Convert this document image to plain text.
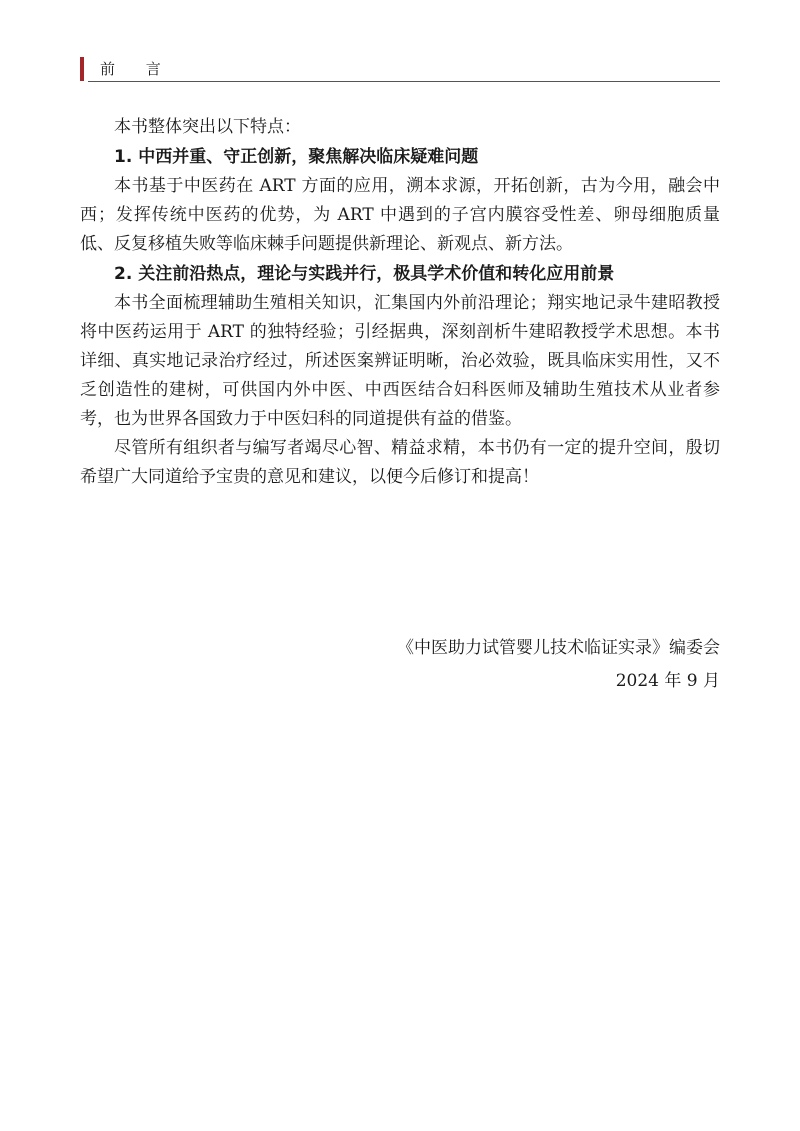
前 言

本书整体突出以下特点：

1. 中西并重、守正创新，聚焦解决临床疑难问题

本书基于中医药在 ART 方面的应用，溯本求源，开拓创新，古为今用，融会中西；发挥传统中医药的优势，为 ART 中遇到的子宫内膜容受性差、卵母细胞质量低、反复移植失败等临床棘手问题提供新理论、新观点、新方法。

2. 关注前沿热点，理论与实践并行，极具学术价值和转化应用前景

本书全面梳理辅助生殖相关知识，汇集国内外前沿理论；翔实地记录牛建昭教授将中医药运用于 ART 的独特经验；引经据典，深刻剖析牛建昭教授学术思想。本书详细、真实地记录治疗经过，所述医案辨证明晰，治必效验，既具临床实用性，又不乏创造性的建树，可供国内外中医、中西医结合妇科医师及辅助生殖技术从业者参考，也为世界各国致力于中医妇科的同道提供有益的借鉴。

尽管所有组织者与编写者竭尽心智、精益求精，本书仍有一定的提升空间，殷切希望广大同道给予宝贵的意见和建议，以便今后修订和提高！

《中医助力试管婴儿技术临证实录》编委会
2024 年 9 月
